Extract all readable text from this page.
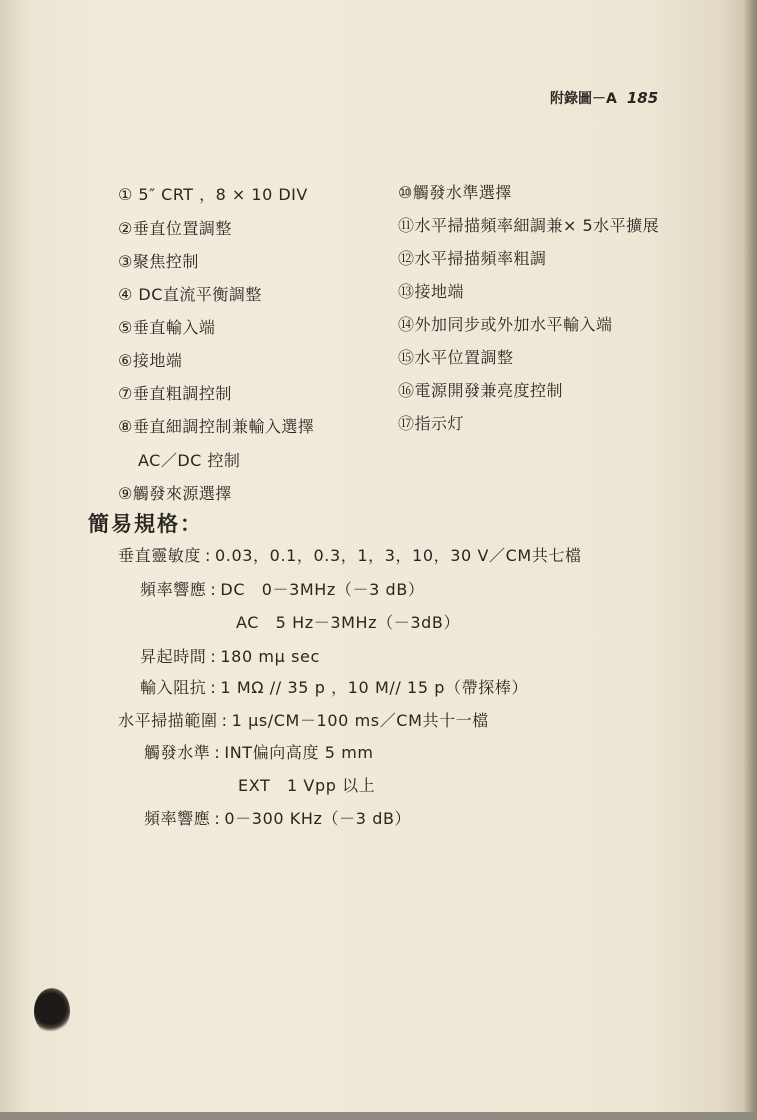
附錄圖－A 185
① 5″ CRT ，8 × 10 DIV
②垂直位置調整
③聚焦控制
④ DC直流平衡調整
⑤垂直輸入端
⑥接地端
⑦垂直粗調控制
⑧垂直細調控制兼輸入選擇
AC／DC 控制
⑨觸發來源選擇
⑩觸發水準選擇
⑪水平掃描頻率細調兼× 5水平擴展
⑫水平掃描頻率粗調
⑬接地端
⑭外加同步或外加水平輸入端
⑮水平位置調整
⑯電源開發兼亮度控制
⑰指示灯
簡易規格：
垂直靈敏度 : 0.03，0.1，0.3，1，3，10，30 V／CM共七檔
頻率響應 : DC　0－3MHz（－3 dB）
AC　5 Hz－3MHz（－3dB）
昇起時間 : 180 mμ sec
輸入阻抗 : 1 MΩ // 35 p ，10 M// 15 p（帶探棒）
水平掃描範圍 : 1 μs/CM－100 ms／CM共十一檔
觸發水準 : INT偏向高度 5 mm
EXT　1 Vpp 以上
頻率響應 : 0－300 KHz（－3 dB）
